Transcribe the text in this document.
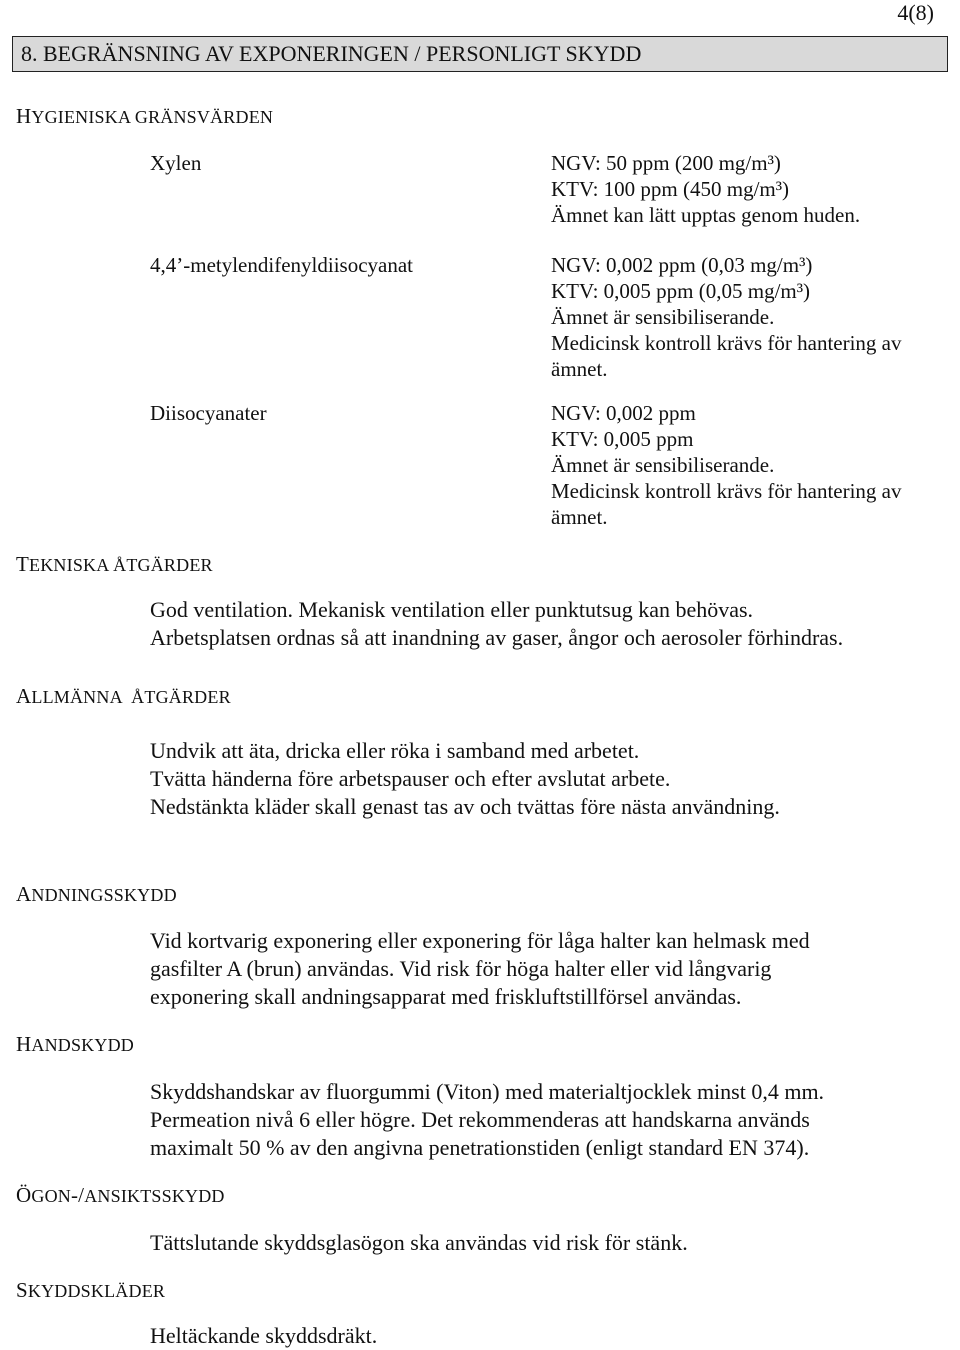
4(8)
8. BEGRÄNSNING AV EXPONERINGEN / PERSONLIGT SKYDD
HYGIENISKA GRÄNSVÄRDEN
Xylen	NGV: 50 ppm (200 mg/m³)
KTV: 100 ppm (450 mg/m³)
Ämnet kan lätt upptas genom huden.
4,4’-metylendifenyldiisocyanat	NGV: 0,002 ppm (0,03 mg/m³)
KTV: 0,005 ppm (0,05 mg/m³)
Ämnet är sensibiliserande.
Medicinsk kontroll krävs för hantering av
ämnet.
Diisocyanater	NGV: 0,002 ppm
KTV: 0,005 ppm
Ämnet är sensibiliserande.
Medicinsk kontroll krävs för hantering av
ämnet.
TEKNISKA ÅTGÄRDER
God ventilation. Mekanisk ventilation eller punktutsug kan behövas.
Arbetsplatsen ordnas så att inandning av gaser, ångor och aerosoler förhindras.
ALLMÄNNA  ÅTGÄRDER
Undvik att äta, dricka eller röka i samband med arbetet.
Tvätta händerna före arbetspauser och efter avslutat arbete.
Nedstänkta kläder skall genast tas av och tvättas före nästa användning.
ANDNINGSSKYDD
Vid kortvarig exponering eller exponering för låga halter kan helmask med
gasfilter A (brun) användas. Vid risk för höga halter eller vid långvarig
exponering skall andningsapparat med friskluftstillförsel användas.
HANDSKYDD
Skyddshandskar av fluorgummi (Viton) med materialtjocklek minst 0,4 mm.
Permeation nivå 6 eller högre. Det rekommenderas att handskarna används
maximalt 50 % av den angivna penetrationstiden (enligt standard EN 374).
ÖGON-/ANSIKTSSKYDD
Tättslutande skyddsglasögon ska användas vid risk för stänk.
SKYDDSKLÄDER
Heltäckande skyddsdräkt.
